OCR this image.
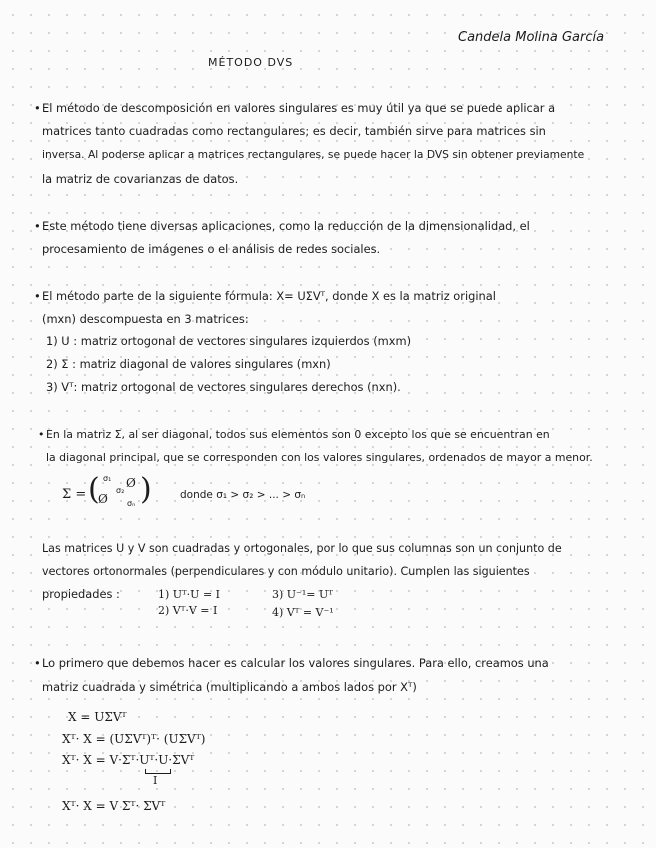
Candela Molina García
MÉTODO DVS
• El método de descomposición en valores singulares es muy útil ya que se puede aplicar a
matrices tanto cuadradas como rectangulares; es decir, también sirve para matrices sin
inversa. Al poderse aplicar a matrices rectangulares, se puede hacer la DVS sin obtener previamente
la matriz de covarianzas de datos.
• Este método tiene diversas aplicaciones, como la reducción de la dimensionalidad, el
procesamiento de imágenes o el análisis de redes sociales.
• El método parte de la siguiente fórmula: X= UΣVᵀ, donde X es la matriz original
(mxn) descompuesta en 3 matrices:
1) U : matriz ortogonal de vectores singulares izquierdos (mxm)
2) Σ : matriz diagonal de valores singulares (mxn)
3) Vᵀ: matriz ortogonal de vectores singulares derechos (nxn).
• En la matriz Σ, al ser diagonal, todos sus elementos son 0 excepto los que se encuentran en
la diagonal principal, que se corresponden con los valores singulares, ordenados de mayor a menor.
Σ = ( σ₁ Ø
σ₂
Ø σₙ )	donde σ₁ > σ₂ > ... > σₙ
Las matrices U y V son cuadradas y ortogonales, por lo que sus columnas son un conjunto de
vectores ortonormales (perpendiculares y con módulo unitario). Cumplen las siguientes
propiedades :	1) Uᵀ·U = I
2) Vᵀ·V = I
3) U⁻¹= Uᵀ
4) Vᵀ = V⁻¹
• Lo primero que debemos hacer es calcular los valores singulares. Para ello, creamos una
matriz cuadrada y simétrica (multiplicando a ambos lados por Xᵀ)
X = UΣVᵀ
Xᵀ· X = (UΣVᵀ)ᵀ· (UΣVᵀ)
Xᵀ· X = V·Σᵀ·Uᵀ·U·ΣVᵀ
I
Xᵀ· X = V Σᵀ· ΣVᵀ
